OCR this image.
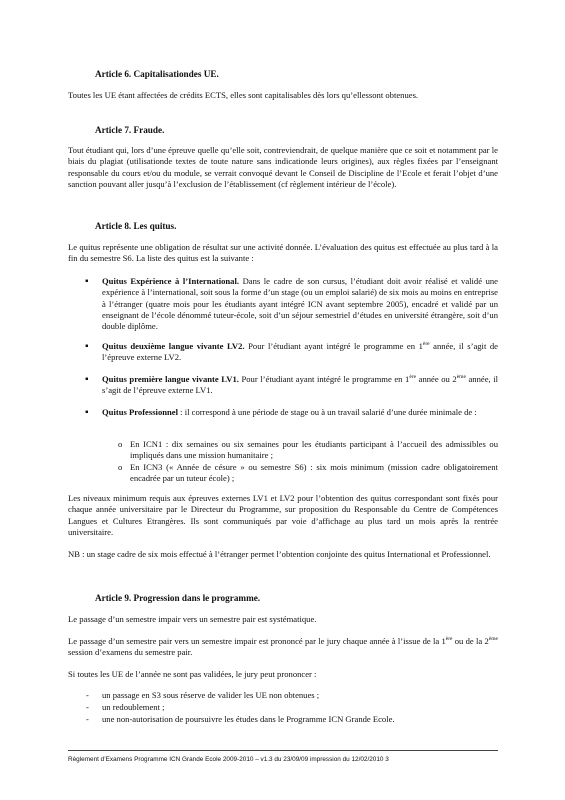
Article 6. Capitalisationdes UE.

Toutes les UE étant affectées de crédits ECTS, elles sont capitalisables dès lors qu’ellessont obtenues.

Article 7. Fraude.

Tout étudiant qui, lors d’une épreuve quelle qu’elle soit, contreviendrait, de quelque manière que ce soit et notamment par le biais du plagiat (utilisationde textes de toute nature sans indicationde leurs origines), aux règles fixées par l’enseignant responsable du cours et/ou du module, se verrait convoqué devant le Conseil de Discipline de l’Ecole et ferait l’objet d’une sanction pouvant aller jusqu’à l’exclusion de l’établissement (cf règlement intérieur de l’école).

Article 8. Les quitus.

Le quitus représente une obligation de résultat sur une activité donnée. L’évaluation des quitus est effectuée au plus tard à la fin du semestre S6. La liste des quitus est la suivante :

▪ Quitus Expérience à l’International. Dans le cadre de son cursus, l’étudiant doit avoir réalisé et validé une expérience à l’international, soit sous la forme d’un stage (ou un emploi salarié) de six mois au moins en entreprise à l’étranger (quatre mois pour les étudiants ayant intégré ICN avant septembre 2005), encadré et validé par un enseignant de l’école dénommé tuteur-école, soit d’un séjour semestriel d’études en université étrangère, soit d’un double diplôme.

▪ Quitus deuxième langue vivante LV2. Pour l’étudiant ayant intégré le programme en 1ère année, il s’agit de l’épreuve externe LV2.

▪ Quitus première langue vivante LV1. Pour l’étudiant ayant intégré le programme en 1ère année ou 2ème année, il s’agit de l’épreuve externe LV1.

▪ Quitus Professionnel : il correspond à une période de stage ou à un travail salarié d’une durée minimale de :

o En ICN1 : dix semaines ou six semaines pour les étudiants participant à l’accueil des admissibles ou impliqués dans une mission humanitaire ;

o En ICN3 (« Année de césure » ou semestre S6) : six mois minimum (mission cadre obligatoirement encadrée par un tuteur école) ;

Les niveaux minimum requis aux épreuves externes LV1 et LV2 pour l’obtention des quitus correspondant sont fixés pour chaque année universitaire par le Directeur du Programme, sur proposition du Responsable du Centre de Compétences Langues et Cultures Etrangères. Ils sont communiqués par voie d’affichage au plus tard un mois après la rentrée universitaire.

NB : un stage cadre de six mois effectué à l’étranger permet l’obtention conjointe des quitus International et Professionnel.

Article 9. Progression dans le programme.

Le passage d’un semestre impair vers un semestre pair est systématique.

Le passage d’un semestre pair vers un semestre impair est prononcé par le jury chaque année à l’issue de la 1ère ou de la 2ème session d’examens du semestre pair.

Si toutes les UE de l’année ne sont pas validées, le jury peut prononcer :

- un passage en S3 sous réserve de valider les UE non obtenues ;

- un redoublement ;

- une non-autorisation de poursuivre les études dans le Programme ICN Grande Ecole.

Règlement d’Examens Programme ICN Grande Ecole 2009-2010 – v1.3 du 23/09/09 impression du 12/02/2010 3
